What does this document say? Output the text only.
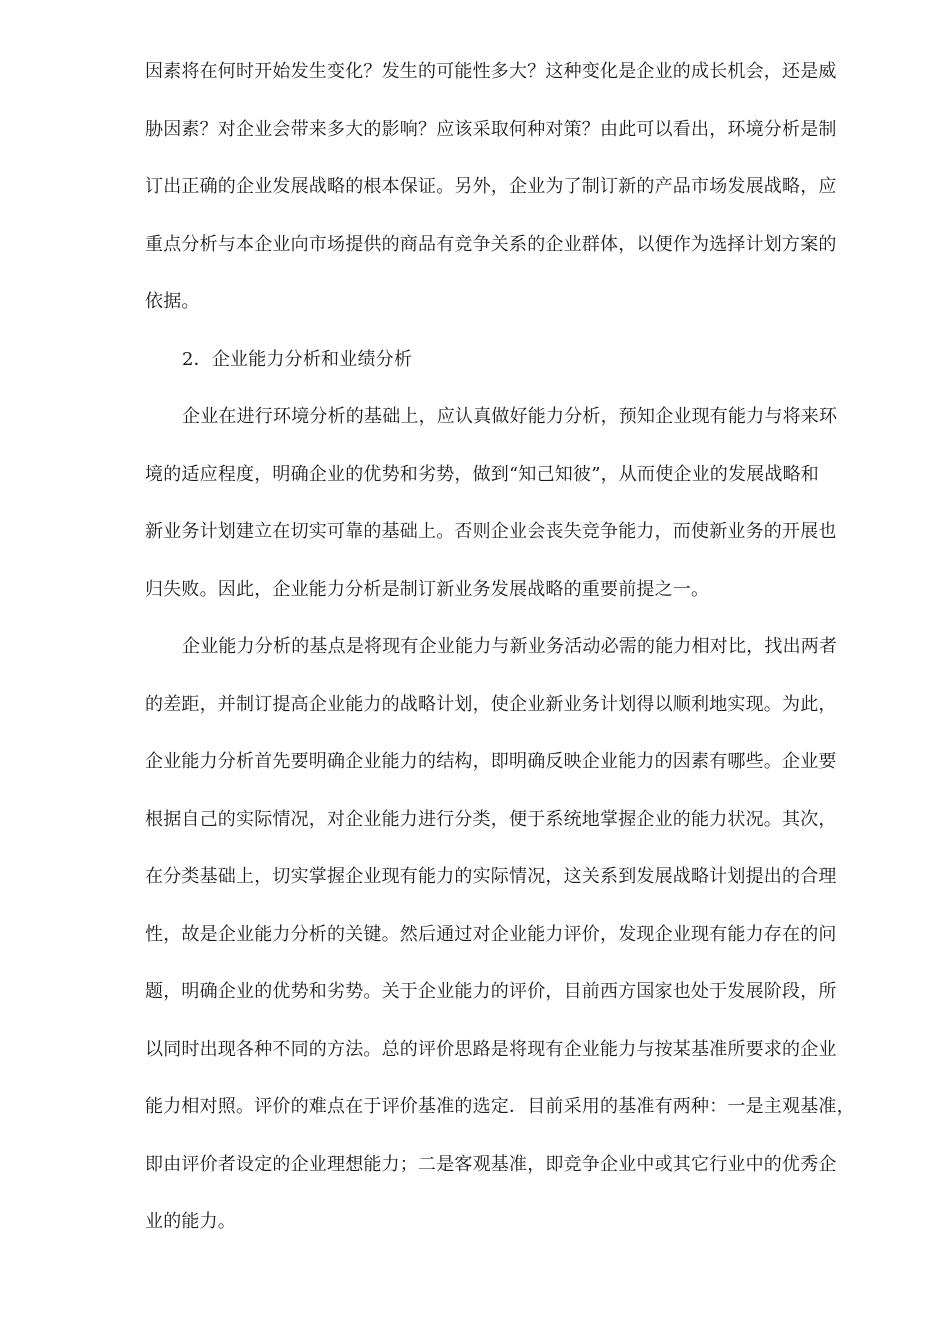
因素将在何时开始发生变化？发生的可能性多大？这种变化是企业的成长机会，还是威
胁因素？对企业会带来多大的影响？应该采取何种对策？由此可以看出，环境分析是制
订出正确的企业发展战略的根本保证。另外，企业为了制订新的产品市场发展战略，应
重点分析与本企业向市场提供的商品有竞争关系的企业群体，以便作为选择计划方案的
依据。
2．企业能力分析和业绩分析
企业在进行环境分析的基础上，应认真做好能力分析，预知企业现有能力与将来环
境的适应程度，明确企业的优势和劣势，做到“知己知彼”，从而使企业的发展战略和
新业务计划建立在切实可靠的基础上。否则企业会丧失竞争能力，而使新业务的开展也
归失败。因此，企业能力分析是制订新业务发展战略的重要前提之一。
企业能力分析的基点是将现有企业能力与新业务活动必需的能力相对比，找出两者
的差距，并制订提高企业能力的战略计划，使企业新业务计划得以顺利地实现。为此，
企业能力分析首先要明确企业能力的结构，即明确反映企业能力的因素有哪些。企业要
根据自己的实际情况，对企业能力进行分类，便于系统地掌握企业的能力状况。其次，
在分类基础上，切实掌握企业现有能力的实际情况，这关系到发展战略计划提出的合理
性，故是企业能力分析的关键。然后通过对企业能力评价，发现企业现有能力存在的问
题，明确企业的优势和劣势。关于企业能力的评价，目前西方国家也处于发展阶段，所
以同时出现各种不同的方法。总的评价思路是将现有企业能力与按某基准所要求的企业
能力相对照。评价的难点在于评价基准的选定．目前采用的基准有两种：一是主观基准，
即由评价者设定的企业理想能力；二是客观基准，即竞争企业中或其它行业中的优秀企
业的能力。
